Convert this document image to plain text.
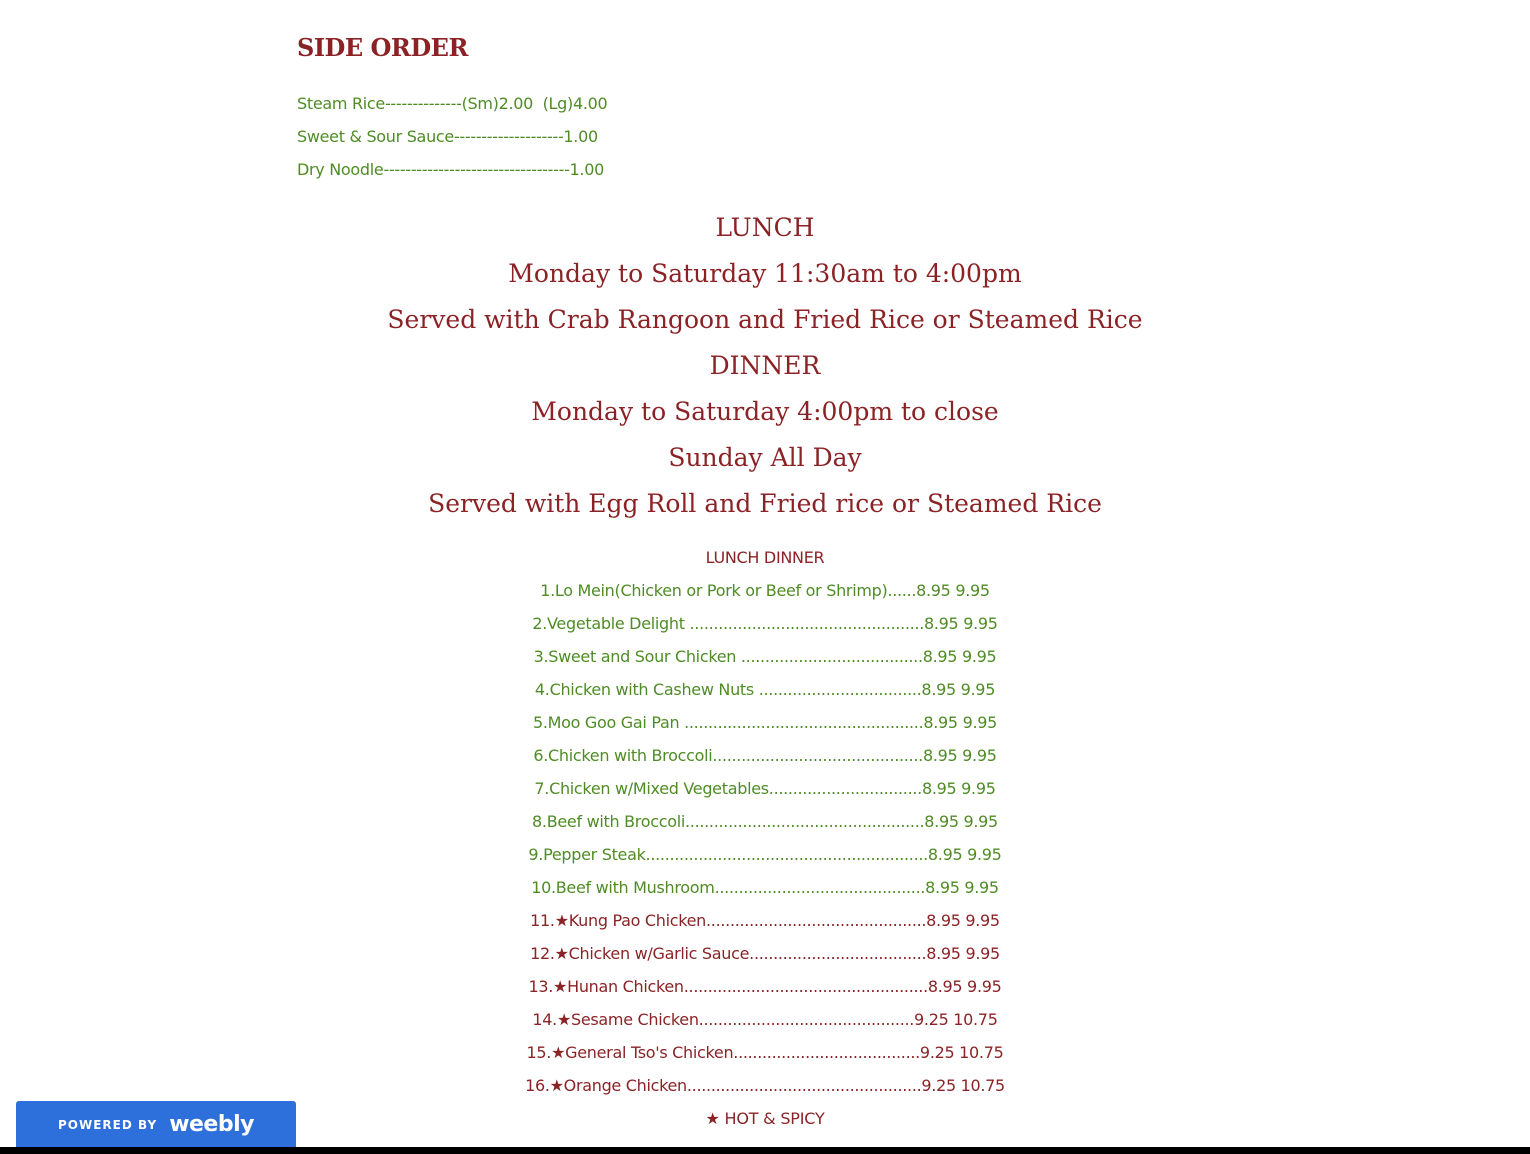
SIDE ORDER
Steam Rice--------------(Sm)2.00  (Lg)4.00
Sweet & Sour Sauce--------------------1.00
Dry Noodle----------------------------------1.00
LUNCH
Monday to Saturday 11:30am to 4:00pm
Served with Crab Rangoon and Fried Rice or Steamed Rice
DINNER
Monday to Saturday 4:00pm to close
Sunday All Day
Served with Egg Roll and Fried rice or Steamed Rice
LUNCH DINNER
1.Lo Mein(Chicken or Pork or Beef or Shrimp)......8.95 9.95
2.Vegetable Delight .................................................8.95 9.95
3.Sweet and Sour Chicken ......................................8.95 9.95
4.Chicken with Cashew Nuts ..................................8.95 9.95
5.Moo Goo Gai Pan ..................................................8.95 9.95
6.Chicken with Broccoli............................................8.95 9.95
7.Chicken w/Mixed Vegetables................................8.95 9.95
8.Beef with Broccoli..................................................8.95 9.95
9.Pepper Steak...........................................................8.95 9.95
10.Beef with Mushroom............................................8.95 9.95
11.★Kung Pao Chicken..............................................8.95 9.95
12.★Chicken w/Garlic Sauce.....................................8.95 9.95
13.★Hunan Chicken...................................................8.95 9.95
14.★Sesame Chicken.............................................9.25 10.75
15.★General Tso's Chicken.......................................9.25 10.75
16.★Orange Chicken.................................................9.25 10.75
★ HOT & SPICY
POWERED BY weebly
